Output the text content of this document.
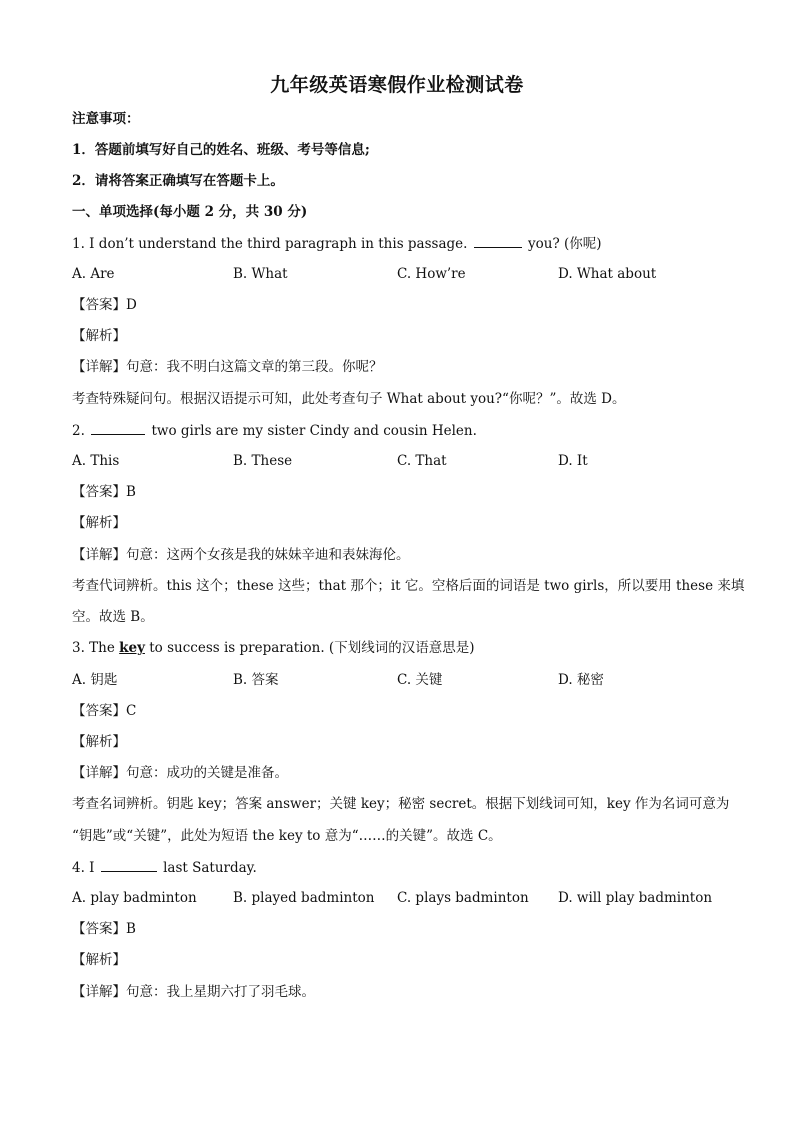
九年级英语寒假作业检测试卷
注意事项：
1．答题前填写好自己的姓名、班级、考号等信息;
2．请将答案正确填写在答题卡上。
一、单项选择(每小题 2 分，共 30 分)
1. I don’t understand the third paragraph in this passage.	you? (你呢)
A. Are	B. What	C. How’re	D. What about
【答案】D
【解析】
【详解】句意：我不明白这篇文章的第三段。你呢？
考查特殊疑问句。根据汉语提示可知，此处考查句子 What about you?“你呢？”。故选 D。
2.	two girls are my sister Cindy and cousin Helen.
A. This	B. These	C. That	D. It
【答案】B
【解析】
【详解】句意：这两个女孩是我的妹妹辛迪和表妹海伦。
考查代词辨析。this 这个；these 这些；that 那个；it 它。空格后面的词语是 two girls，所以要用 these 来填
空。故选 B。
3. The key to success is preparation. (下划线词的汉语意思是)
A. 钥匙	B. 答案	C. 关键	D. 秘密
【答案】C
【解析】
【详解】句意：成功的关键是准备。
考查名词辨析。钥匙 key；答案 answer；关键 key；秘密 secret。根据下划线词可知，key 作为名词可意为
“钥匙”或“关键”，此处为短语 the key to 意为“……的关键”。故选 C。
4. I	last Saturday.
A. play badminton	B. played badminton C. plays badminton D. will play badminton
【答案】B
【解析】
【详解】句意：我上星期六打了羽毛球。
